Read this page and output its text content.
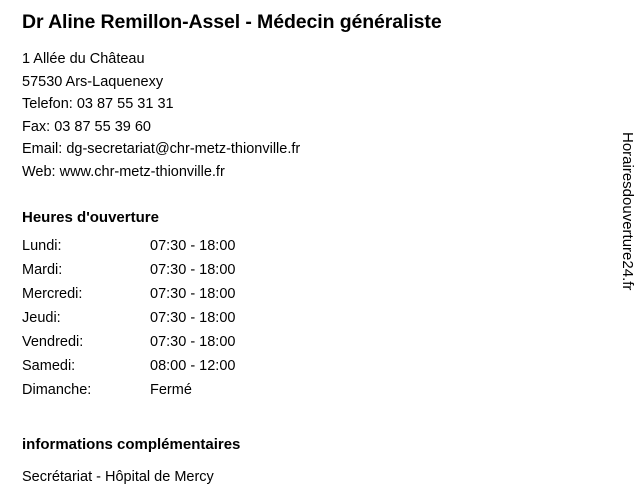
Dr Aline Remillon-Assel - Médecin généraliste

1 Allée du Château

57530 Ars-Laquenexy

Telefon: 03 87 55 31 31

Fax: 03 87 55 39 60

Email: dg-secretariat@chr-metz-thionville.fr

Web: www.chr-metz-thionville.fr

Heures d'ouverture
Lundi:	07:30 - 18:00
Mardi:	07:30 - 18:00
Mercredi:	07:30 - 18:00
Jeudi:	07:30 - 18:00
Vendredi:	07:30 - 18:00
Samedi:	08:00 - 12:00
Dimanche:	Fermé
informations complémentaires

Secrétariat - Hôpital de Mercy

Horairesdouverture24.fr
